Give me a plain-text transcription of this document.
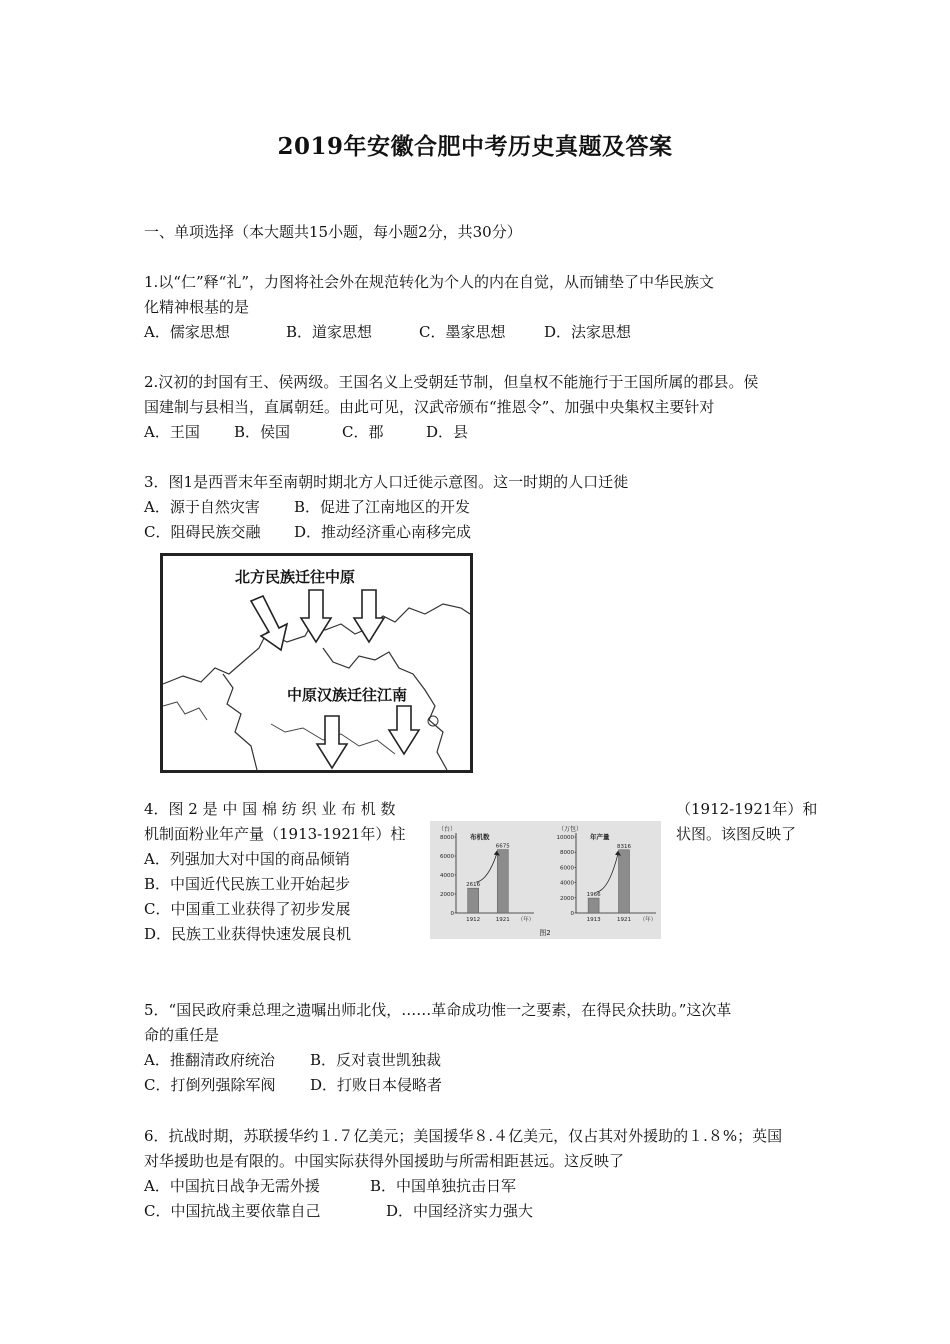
2019年安徽合肥中考历史真题及答案
一、单项选择（本大题共15小题，每小题2分，共30分）
1.以“仁”释“礼”，力图将社会外在规范转化为个人的内在自觉，从而铺垫了中华民族文
化精神根基的是
A．儒家思想	B．道家思想	C．墨家思想	D．法家思想
2.汉初的封国有王、侯两级。王国名义上受朝廷节制，但皇权不能施行于王国所属的郡县。侯
国建制与县相当，直属朝廷。由此可见，汉武帝颁布“推恩令”、加强中央集权主要针对
A．王国 B．侯国	C．郡	D．县
3．图1是西晋末年至南朝时期北方人口迁徙示意图。这一时期的人口迁徙
A．源于自然灾害 B．促进了江南地区的开发
C．阻碍民族交融 D．推动经济重心南移完成
北方民族迁往中原
中原汉族迁往江南
4．图 2 是 中 国 棉 纺 织 业 布 机 数	（1912-1921年）和
机制面粉业年产量（1913-1921年）柱	状图。该图反映了
A．列强加大对中国的商品倾销
B．中国近代民族工业开始起步
C．中国重工业获得了初步发展
D．民族工业获得快速发展良机	图2
（台）
布机数
0
2000
4000
6000
8000
2616
1912
6675
1921 （年）
（万包）
年产量
0
2000
4000
6000
8000
10000
1966
1913
8316
1921 （年）
5．“国民政府秉总理之遗嘱出师北伐，……革命成功惟一之要素，在得民众扶助。”这次革
命的重任是
A．推翻清政府统治 B．反对袁世凯独裁
C．打倒列强除军阀 D．打败日本侵略者
6．抗战时期，苏联援华约１.７亿美元；美国援华８.４亿美元，仅占其对外援助的１.８%；英国
对华援助也是有限的。中国实际获得外国援助与所需相距甚远。这反映了
A．中国抗日战争无需外援	B．中国单独抗击日军
C．中国抗战主要依靠自己	D．中国经济实力强大
